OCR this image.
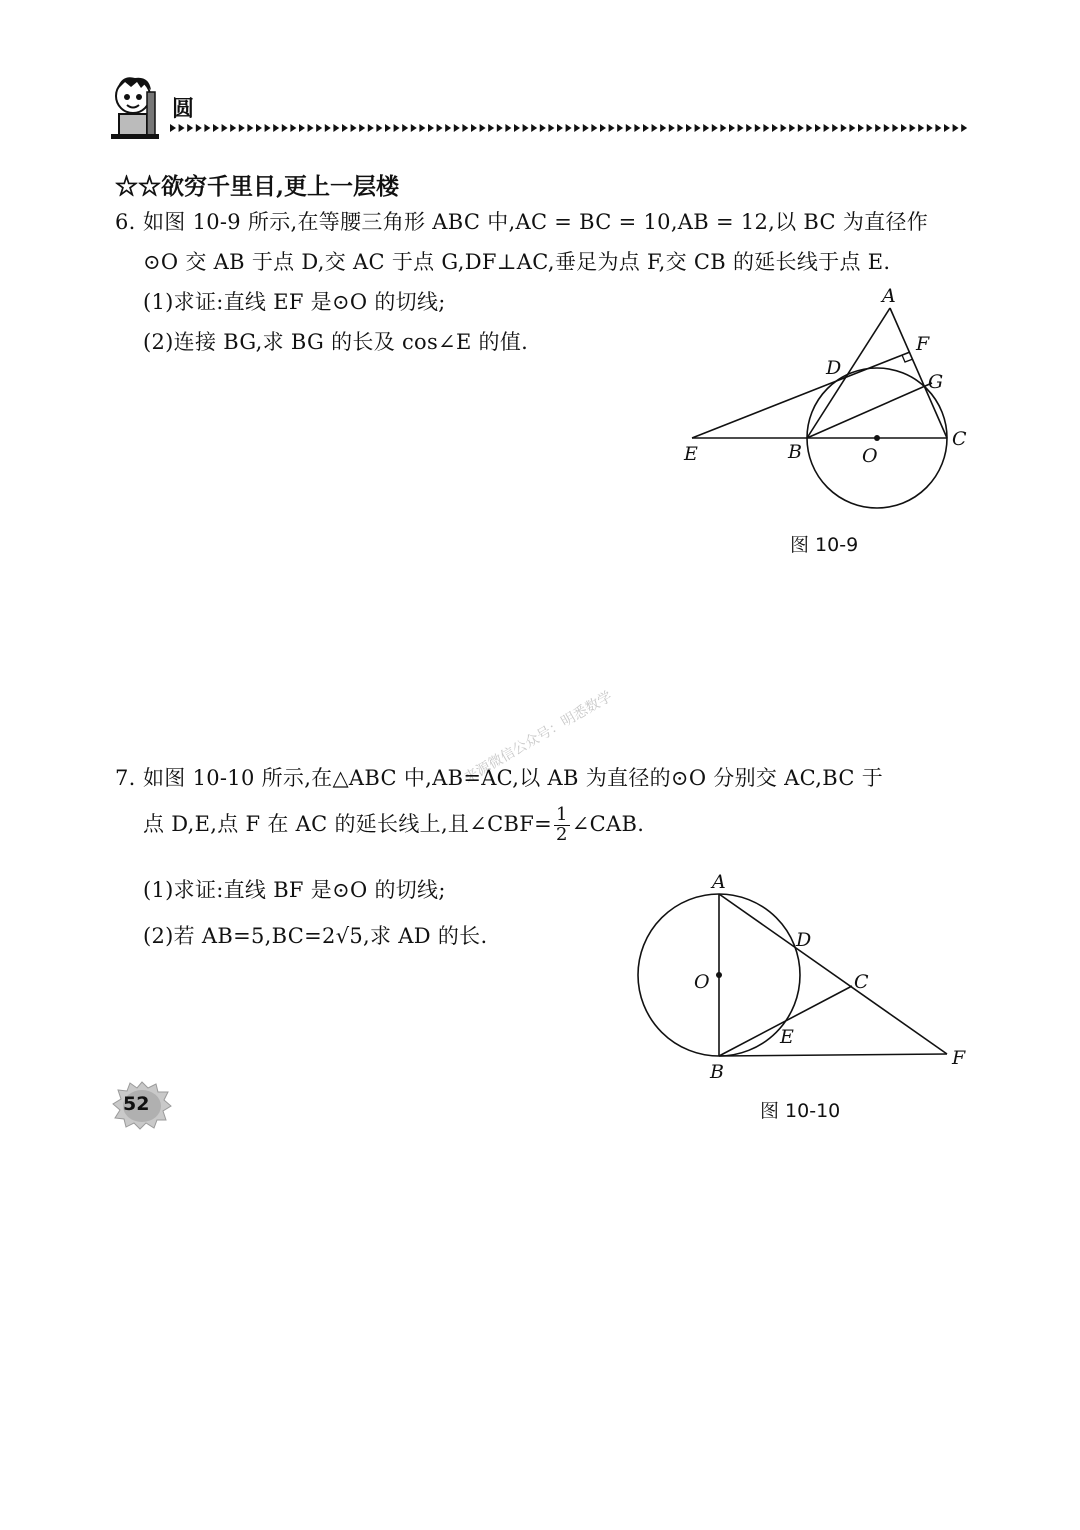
圆
☆☆欲穷千里目,更上一层楼
6. 如图 10-9 所示,在等腰三角形 ABC 中,AC = BC = 10,AB = 12,以 BC 为直径作
⊙O 交 AB 于点 D,交 AC 于点 G,DF⊥AC,垂足为点 F,交 CB 的延长线于点 E.
(1)求证:直线 EF 是⊙O 的切线;
(2)连接 BG,求 BG 的长及 cos∠E 的值.
A
F
D
G
E	B	O
C
图 10-9
来源微信公众号：明悉数学
7. 如图 10-10 所示,在△ABC 中,AB=AC,以 AB 为直径的⊙O 分别交 AC,BC 于
点 D,E,点 F 在 AC 的延长线上,且∠CBF= $\frac{1}{2}$ ∠CAB.
(1)求证:直线 BF 是⊙O 的切线;
(2)若 AB=5,BC=2√5,求 AD 的长.
A
D
O	C
E
B
F
图 10-10
52
